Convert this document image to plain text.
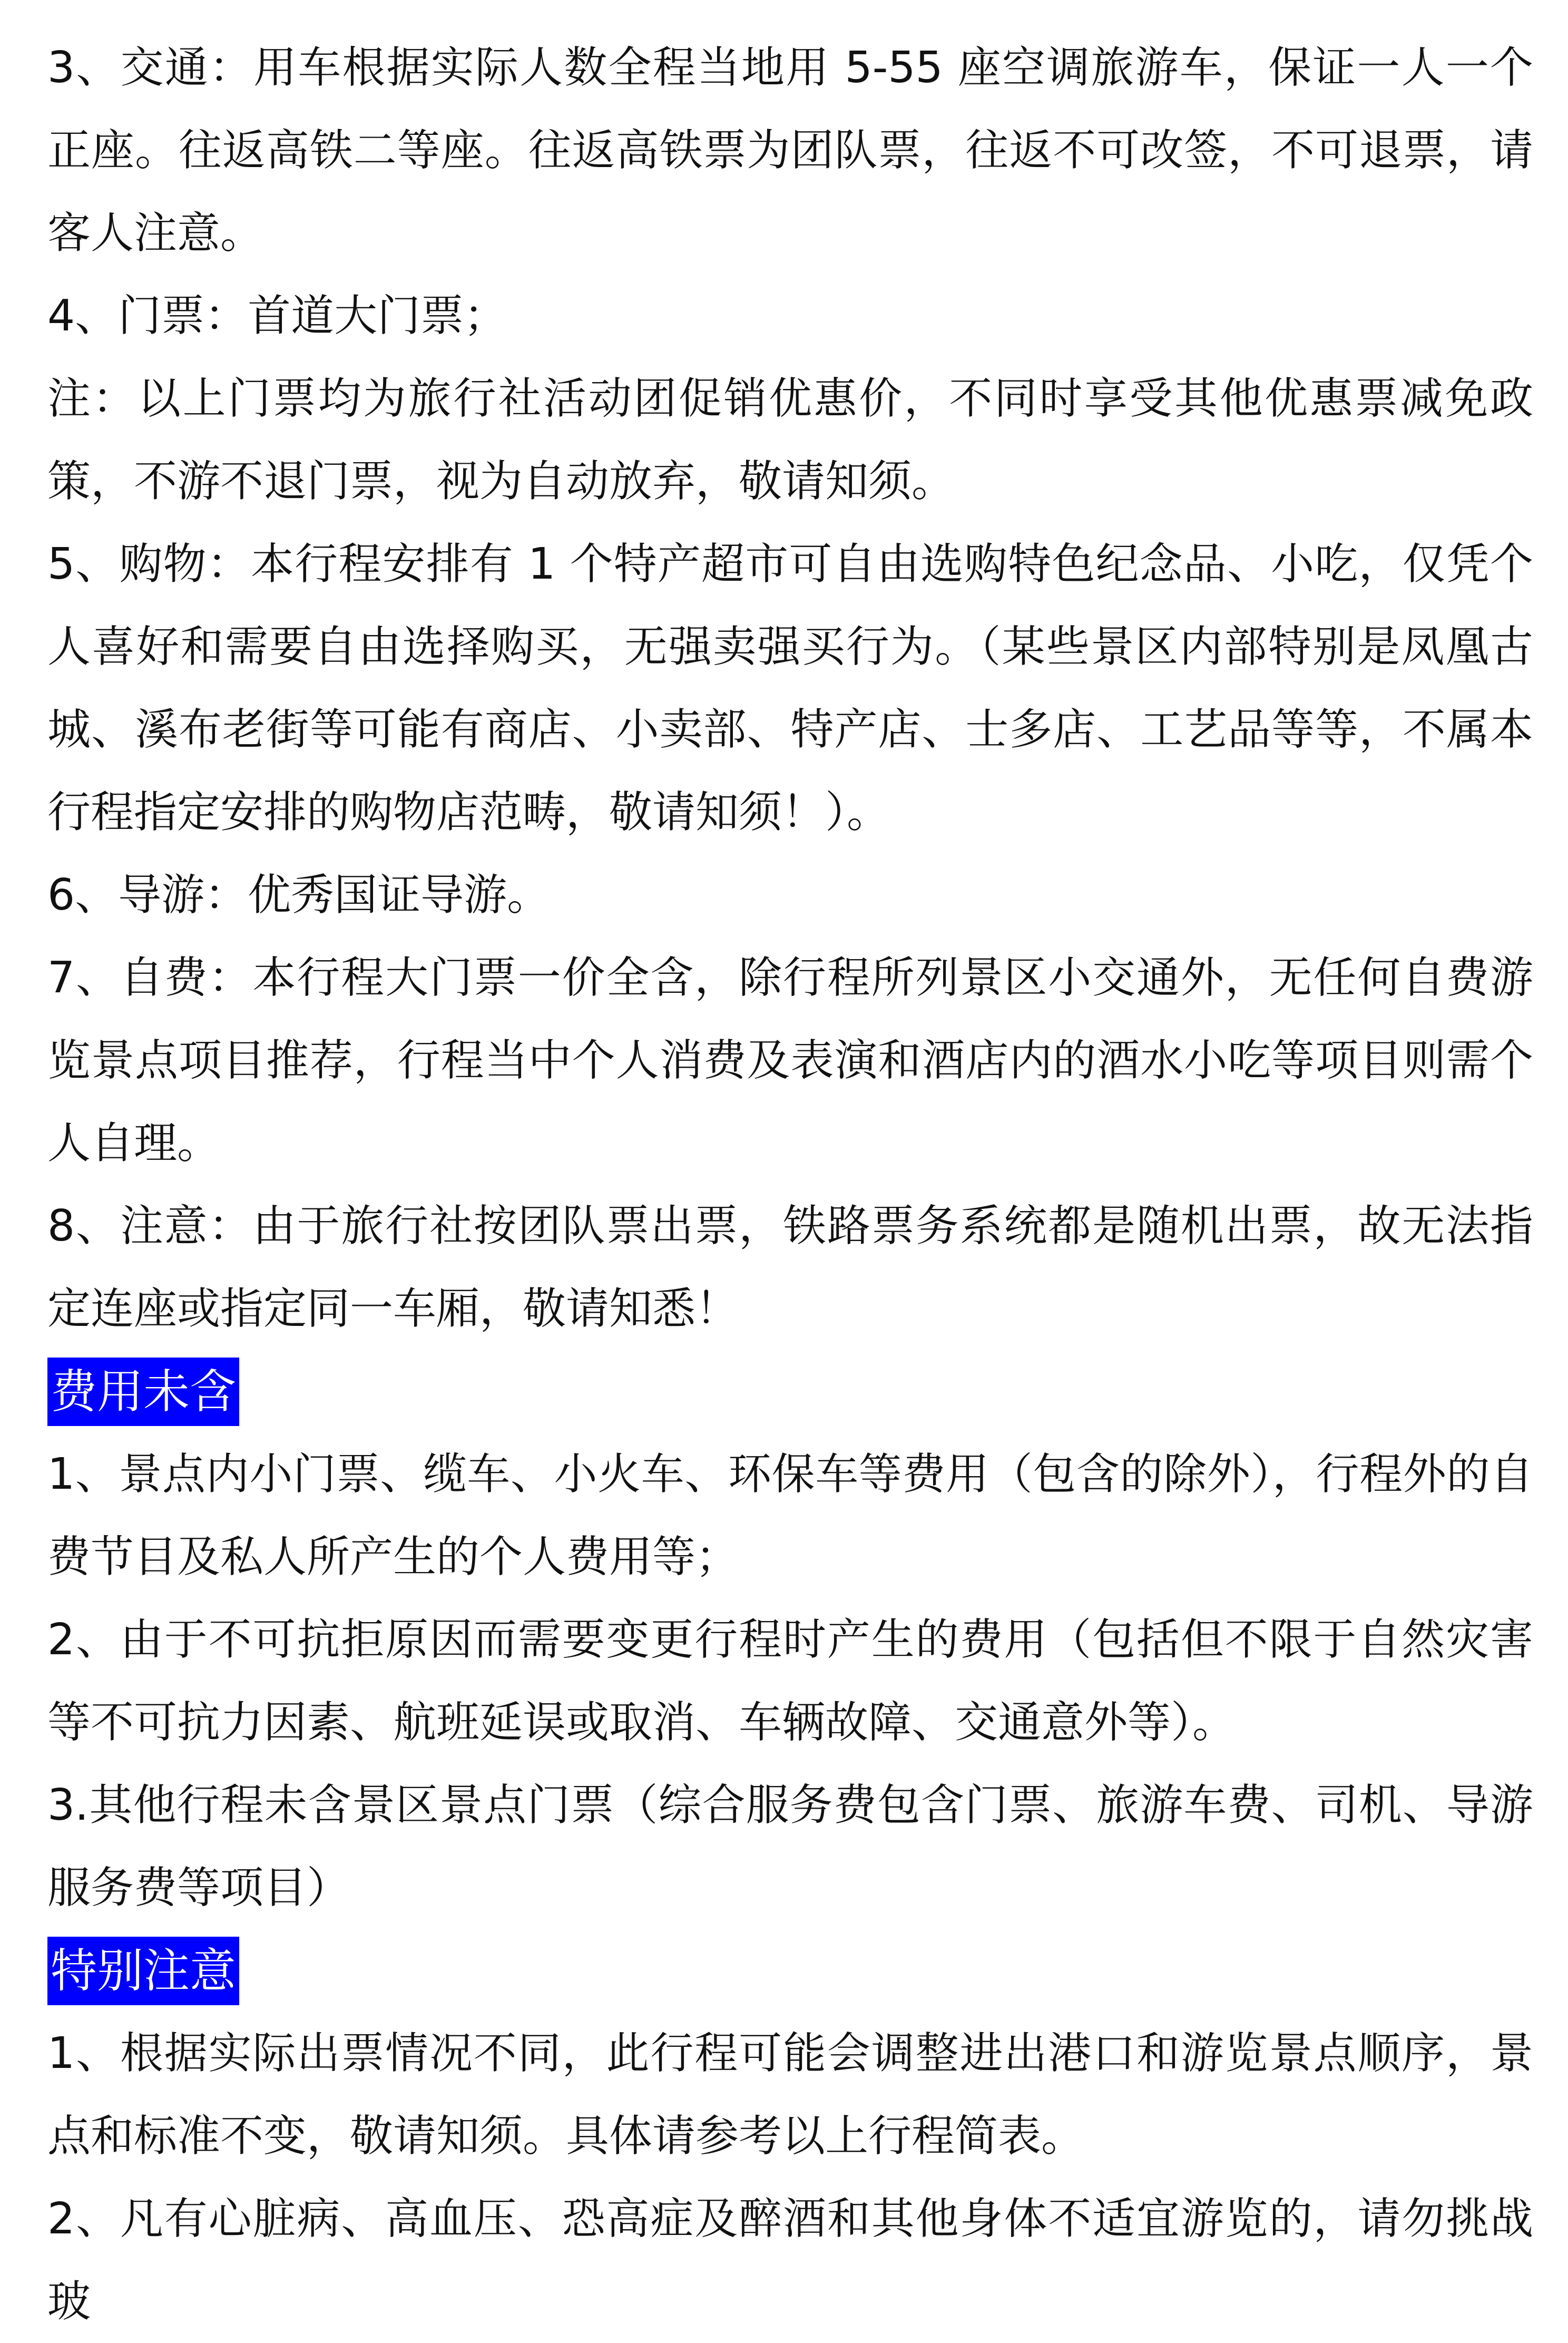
3、交通：用车根据实际人数全程当地用 5-55 座空调旅游车，保证一人一个正座。往返高铁二等座。往返高铁票为团队票，往返不可改签，不可退票，请客人注意。

4、门票：首道大门票；

注：以上门票均为旅行社活动团促销优惠价，不同时享受其他优惠票减免政策，不游不退门票，视为自动放弃，敬请知须。

5、购物：本行程安排有 1 个特产超市可自由选购特色纪念品、小吃，仅凭个人喜好和需要自由选择购买，无强卖强买行为。（某些景区内部特别是凤凰古城、溪布老街等可能有商店、小卖部、特产店、士多店、工艺品等等，不属本行程指定安排的购物店范畴，敬请知须！）。

6、导游：优秀国证导游。

7、自费：本行程大门票一价全含，除行程所列景区小交通外，无任何自费游览景点项目推荐，行程当中个人消费及表演和酒店内的酒水小吃等项目则需个人自理。

8、注意：由于旅行社按团队票出票，铁路票务系统都是随机出票，故无法指定连座或指定同一车厢，敬请知悉！

费用未含

1、景点内小门票、缆车、小火车、环保车等费用（包含的除外），行程外的自费节目及私人所产生的个人费用等；

2、由于不可抗拒原因而需要变更行程时产生的费用（包括但不限于自然灾害等不可抗力因素、航班延误或取消、车辆故障、交通意外等）。

3.其他行程未含景区景点门票（综合服务费包含门票、旅游车费、司机、导游服务费等项目）

特别注意

1、根据实际出票情况不同，此行程可能会调整进出港口和游览景点顺序，景点和标准不变，敬请知须。具体请参考以上行程简表。

2、凡有心脏病、高血压、恐高症及醉酒和其他身体不适宜游览的，请勿挑战玻
